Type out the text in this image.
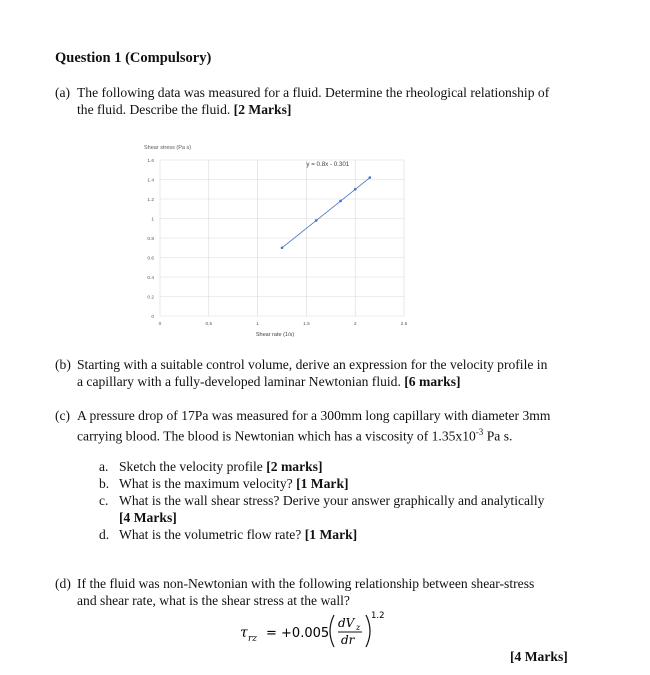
Question 1 (Compulsory)
(a) The following data was measured for a fluid. Determine the rheological relationship of
the fluid. Describe the fluid. [2 Marks]
Shear stress (Pa s)
0
0.2
0.4
0.6
0.8
1
1.2
1.4
1.6
0	0.5	1	1.5	2	2.5
y = 0.8x - 0.301
Shear rate (1/s)
(b) Starting with a suitable control volume, derive an expression for the velocity profile in
a capillary with a fully-developed laminar Newtonian fluid. [6 marks]
(c) A pressure drop of 17Pa was measured for a 300mm long capillary with diameter 3mm
carrying blood. The blood is Newtonian which has a viscosity of $1.35x10^{-3}$ Pa s.
a. Sketch the velocity profile [2 marks]
b. What is the maximum velocity? [1 Mark]
c. What is the wall shear stress? Derive your answer graphically and analytically
[4 Marks]
d. What is the volumetric flow rate? [1 Mark]
(d) If the fluid was non-Newtonian with the following relationship between shear-stress
and shear rate, what is the shear stress at the wall?
τ rz = +0.005
dV z
dr
1.2
[4 Marks]
